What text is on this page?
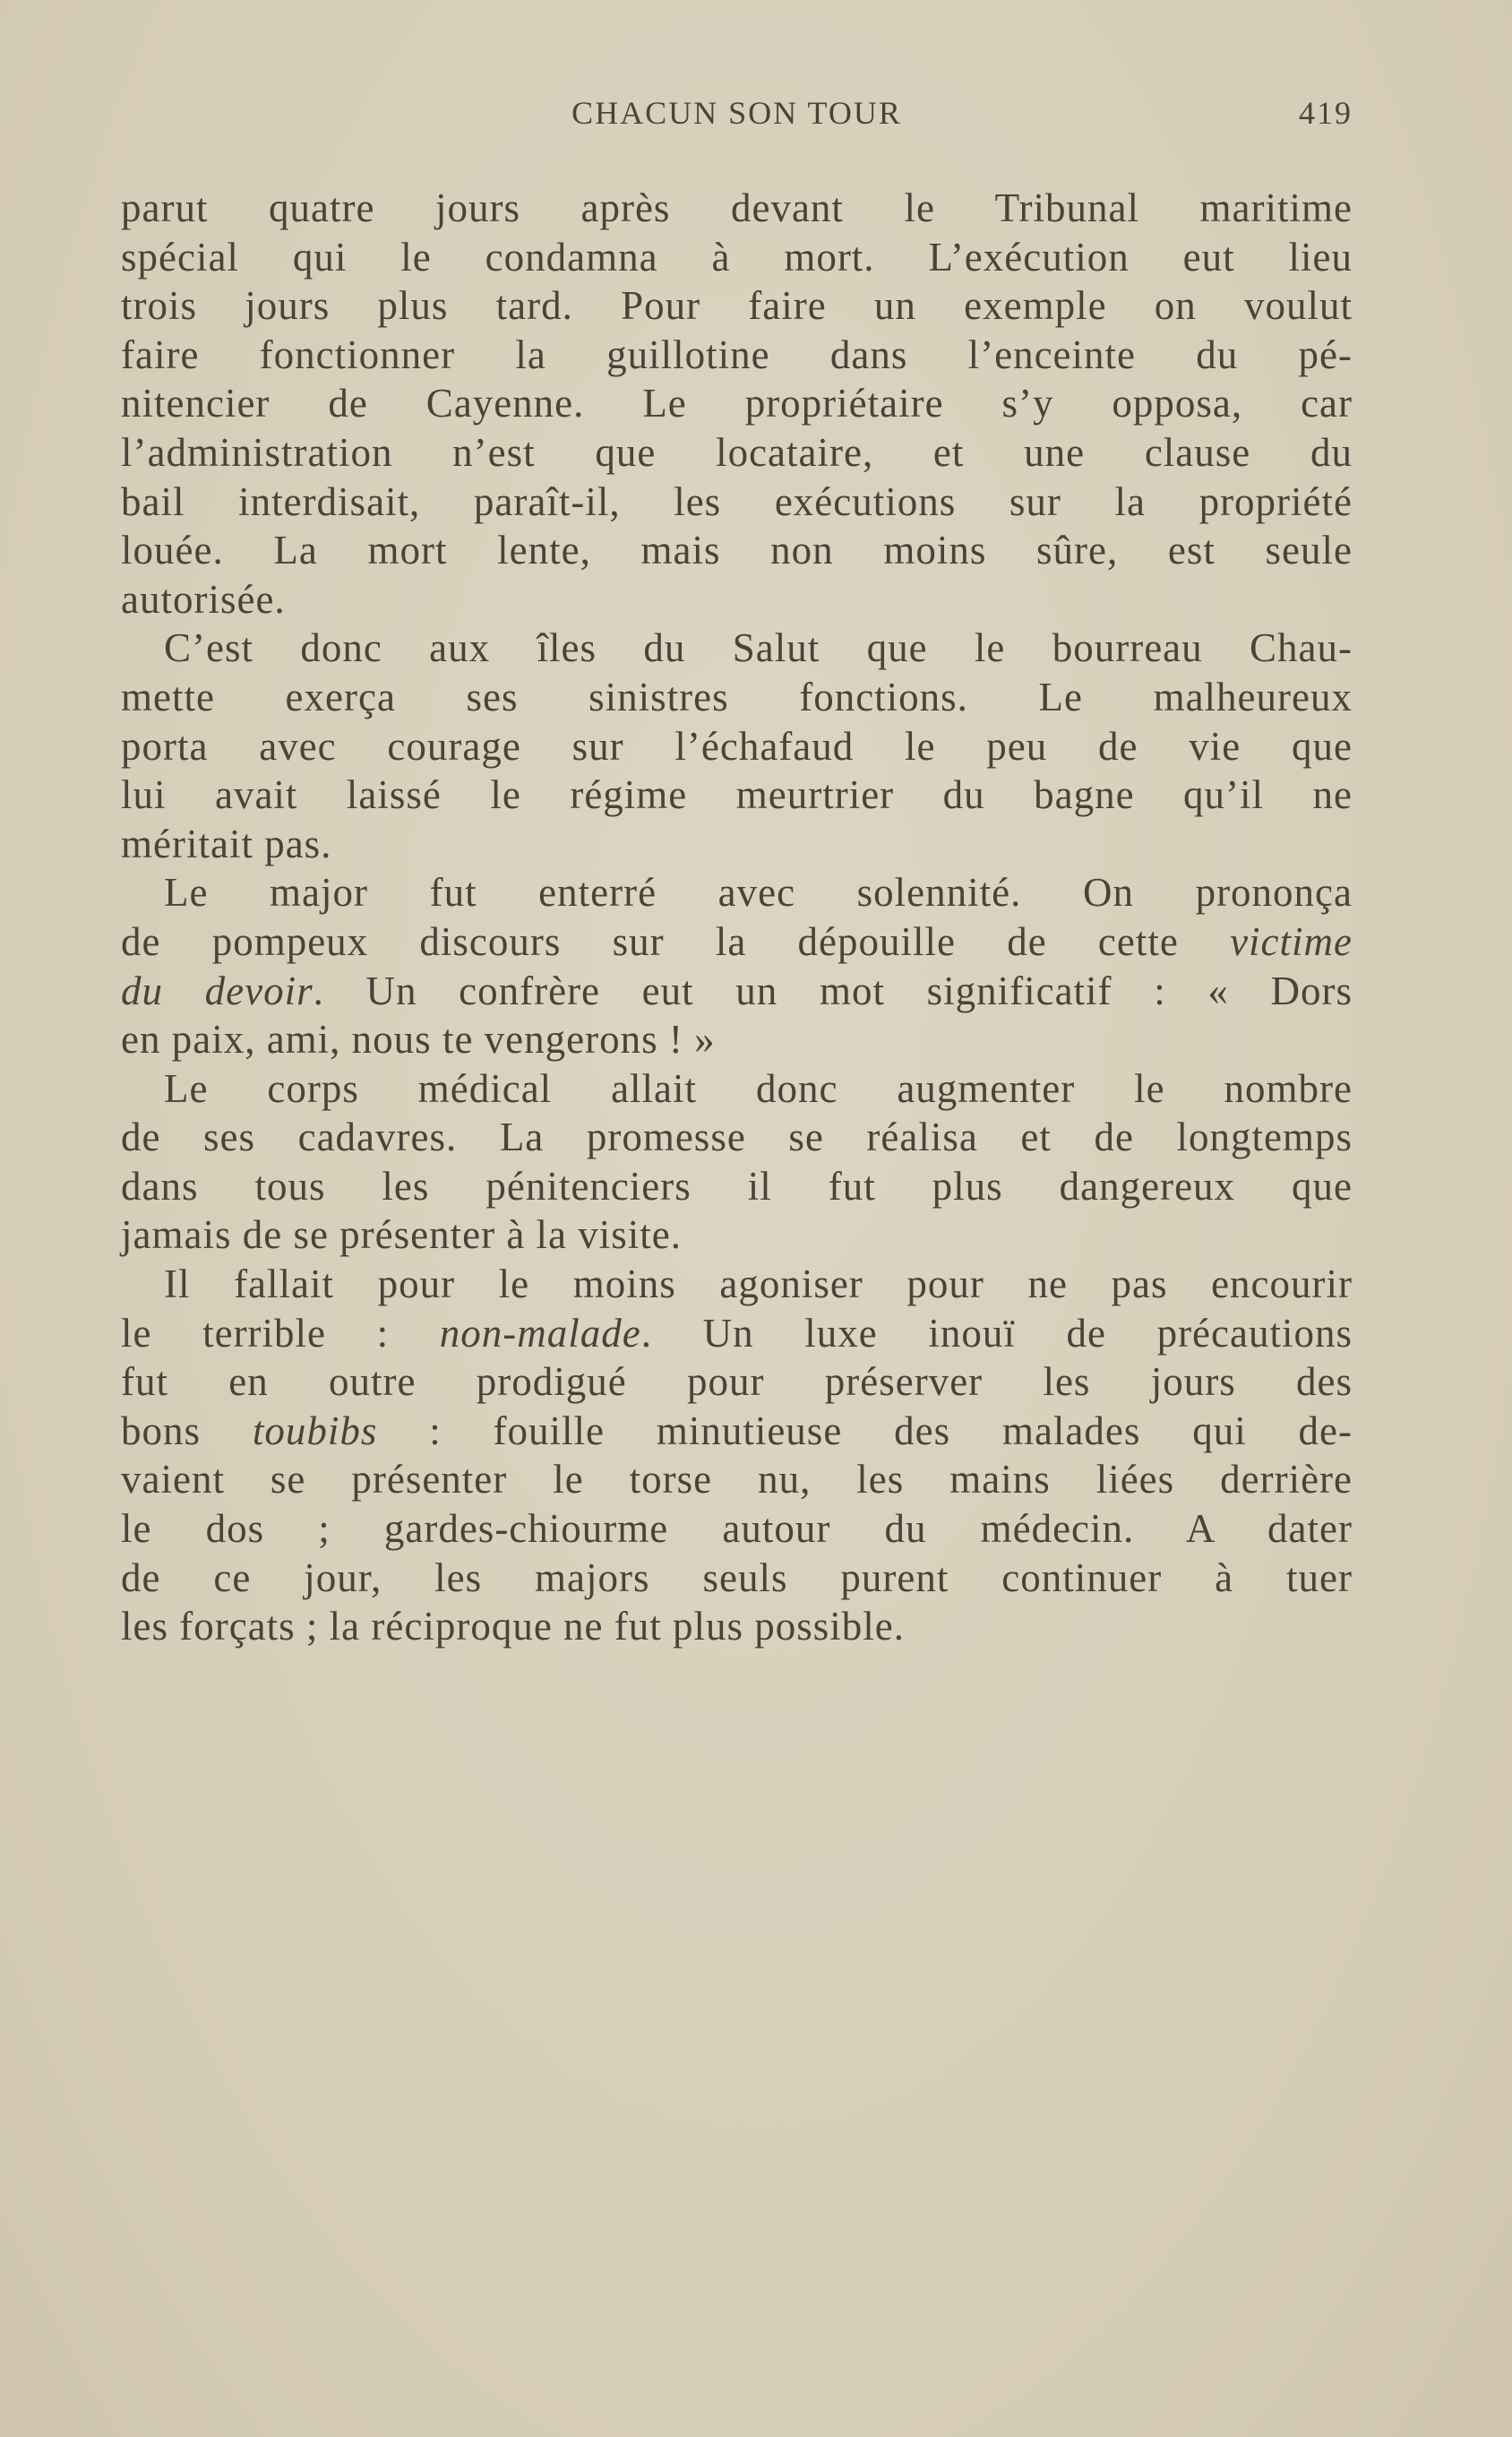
CHACUN SON TOUR	419
parut quatre jours après devant le Tribunal maritime
spécial qui le condamna à mort. L’exécution eut lieu
trois jours plus tard. Pour faire un exemple on voulut
faire fonctionner la guillotine dans l’enceinte du pé-
nitencier de Cayenne. Le propriétaire s’y opposa, car
l’administration n’est que locataire, et une clause du
bail interdisait, paraît-il, les exécutions sur la propriété
louée. La mort lente, mais non moins sûre, est seule
autorisée.
C’est donc aux îles du Salut que le bourreau Chau-
mette exerça ses sinistres fonctions. Le malheureux
porta avec courage sur l’échafaud le peu de vie que
lui avait laissé le régime meurtrier du bagne qu’il ne
méritait pas.
Le major fut enterré avec solennité. On prononça
de pompeux discours sur la dépouille de cette victime
du devoir. Un confrère eut un mot significatif : « Dors
en paix, ami, nous te vengerons ! »
Le corps médical allait donc augmenter le nombre
de ses cadavres. La promesse se réalisa et de longtemps
dans tous les pénitenciers il fut plus dangereux que
jamais de se présenter à la visite.
Il fallait pour le moins agoniser pour ne pas encourir
le terrible : non-malade. Un luxe inouï de précautions
fut en outre prodigué pour préserver les jours des
bons toubibs : fouille minutieuse des malades qui de-
vaient se présenter le torse nu, les mains liées derrière
le dos ; gardes-chiourme autour du médecin. A dater
de ce jour, les majors seuls purent continuer à tuer
les forçats ; la réciproque ne fut plus possible.
